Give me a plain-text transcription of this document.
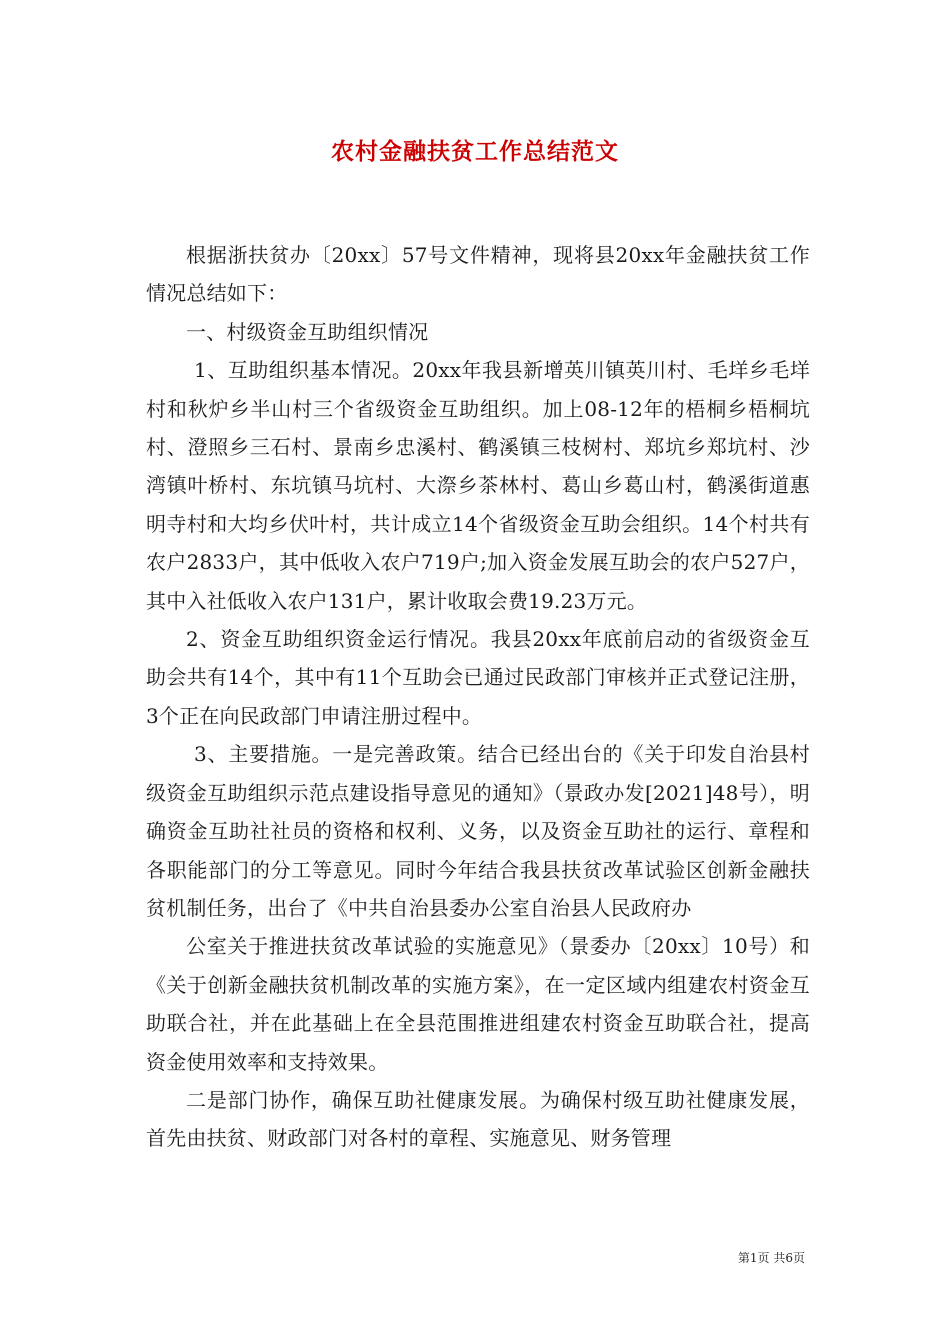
农村金融扶贫工作总结范文

根据浙扶贫办〔20xx〕57号文件精神，现将县20xx年金融扶贫工作情况总结如下：

一、村级资金互助组织情况

1、互助组织基本情况。20xx年我县新增英川镇英川村、毛垟乡毛垟村和秋炉乡半山村三个省级资金互助组织。加上08-12年的梧桐乡梧桐坑村、澄照乡三石村、景南乡忠溪村、鹤溪镇三枝树村、郑坑乡郑坑村、沙湾镇叶桥村、东坑镇马坑村、大漈乡茶林村、葛山乡葛山村，鹤溪街道惠明寺村和大均乡伏叶村，共计成立14个省级资金互助会组织。14个村共有农户2833户，其中低收入农户719户;加入资金发展互助会的农户527户，其中入社低收入农户131户，累计收取会费19.23万元。

2、资金互助组织资金运行情况。我县20xx年底前启动的省级资金互助会共有14个，其中有11个互助会已通过民政部门审核并正式登记注册，3个正在向民政部门申请注册过程中。

3、主要措施。一是完善政策。结合已经出台的《关于印发自治县村级资金互助组织示范点建设指导意见的通知》（景政办发[2021]48号），明确资金互助社社员的资格和权利、义务，以及资金互助社的运行、章程和各职能部门的分工等意见。同时今年结合我县扶贫改革试验区创新金融扶贫机制任务，出台了《中共自治县委办公室自治县人民政府办

公室关于推进扶贫改革试验的实施意见》（景委办〔20xx〕10号）和《关于创新金融扶贫机制改革的实施方案》，在一定区域内组建农村资金互助联合社，并在此基础上在全县范围推进组建农村资金互助联合社，提高资金使用效率和支持效果。

二是部门协作，确保互助社健康发展。为确保村级互助社健康发展，首先由扶贫、财政部门对各村的章程、实施意见、财务管理

第1页 共6页
